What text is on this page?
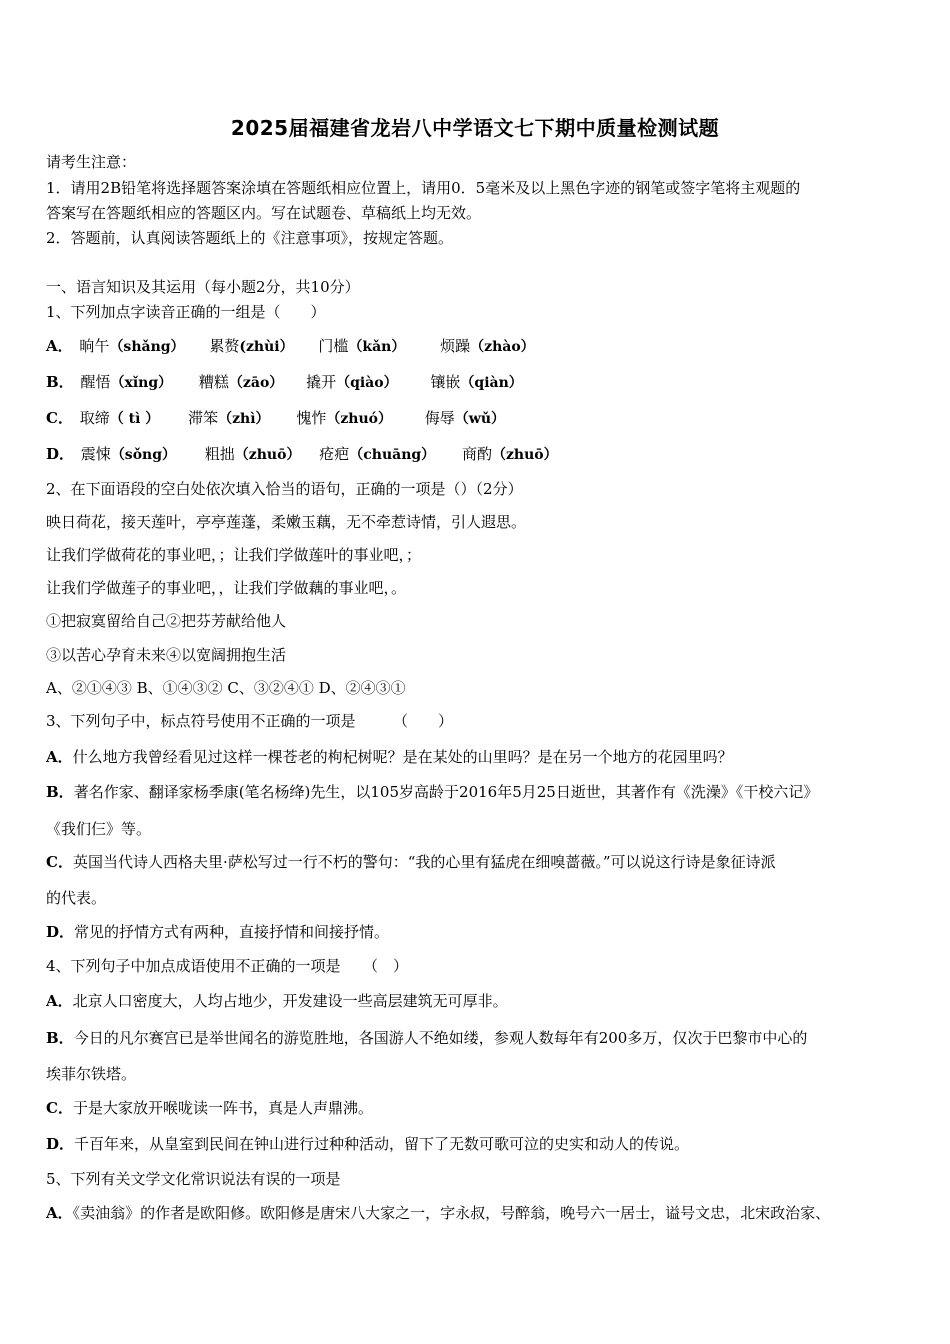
2025届福建省龙岩八中学语文七下期中质量检测试题
请考生注意：
1．请用2B铅笔将选择题答案涂填在答题纸相应位置上，请用0．5毫米及以上黑色字迹的钢笔或签字笔将主观题的
答案写在答题纸相应的答题区内。写在试题卷、草稿纸上均无效。
2．答题前，认真阅读答题纸上的《注意事项》，按规定答题。
一、语言知识及其运用（每小题2分，共10分）
1、下列加点字读音正确的一组是（　　）
A． 晌午（shǎng） 累赘(zhùi） 门槛（kǎn） 烦躁（zhào）
B． 醒悟（xǐng） 糟糕（zāo） 撬开（qiào） 镶嵌（qiàn）
C． 取缔（ tì ） 滞笨（zhì） 愧怍（zhuó） 侮辱（wǔ）
D． 震悚（sǒng） 粗拙（zhuō） 疮疤（chuāng） 商酌（zhuō）
2、在下面语段的空白处依次填入恰当的语句，正确的一项是（）（2分）
映日荷花，接天莲叶，亭亭莲蓬，柔嫩玉藕，无不牵惹诗情，引人遐思。
让我们学做荷花的事业吧，；让我们学做莲叶的事业吧，；
让我们学做莲子的事业吧，，让我们学做藕的事业吧，。
①把寂寞留给自己②把芬芳献给他人
③以苦心孕育未来④以宽阔拥抱生活
A、②①④③ B、①④③② C、③②④① D、②④③①
3、下列句子中，标点符号使用不正确的一项是　　　（　　）
A．什么地方我曾经看见过这样一棵苍老的枸杞树呢？是在某处的山里吗？是在另一个地方的花园里吗？
B．著名作家、翻译家杨季康(笔名杨绛)先生，以105岁高龄于2016年5月25日逝世，其著作有《洗澡》《干校六记》
《我们仨》等。
C．英国当代诗人西格夫里·萨松写过一行不朽的警句：“我的心里有猛虎在细嗅蔷薇。”可以说这行诗是象征诗派
的代表。
D．常见的抒情方式有两种，直接抒情和间接抒情。
4、下列句子中加点成语使用不正确的一项是　　（　）
A．北京人口密度大，人均占地少，开发建设一些高层建筑无可厚非。
B．今日的凡尔赛宫已是举世闻名的游览胜地，各国游人不绝如缕，参观人数每年有200多万，仅次于巴黎市中心的
埃菲尔铁塔。
C．于是大家放开喉咙读一阵书，真是人声鼎沸。
D．千百年来，从皇室到民间在钟山进行过种种活动，留下了无数可歌可泣的史实和动人的传说。
5、下列有关文学文化常识说法有误的一项是
A．《卖油翁》的作者是欧阳修。欧阳修是唐宋八大家之一，字永叔，号醉翁，晚号六一居士，谥号文忠，北宋政治家、
